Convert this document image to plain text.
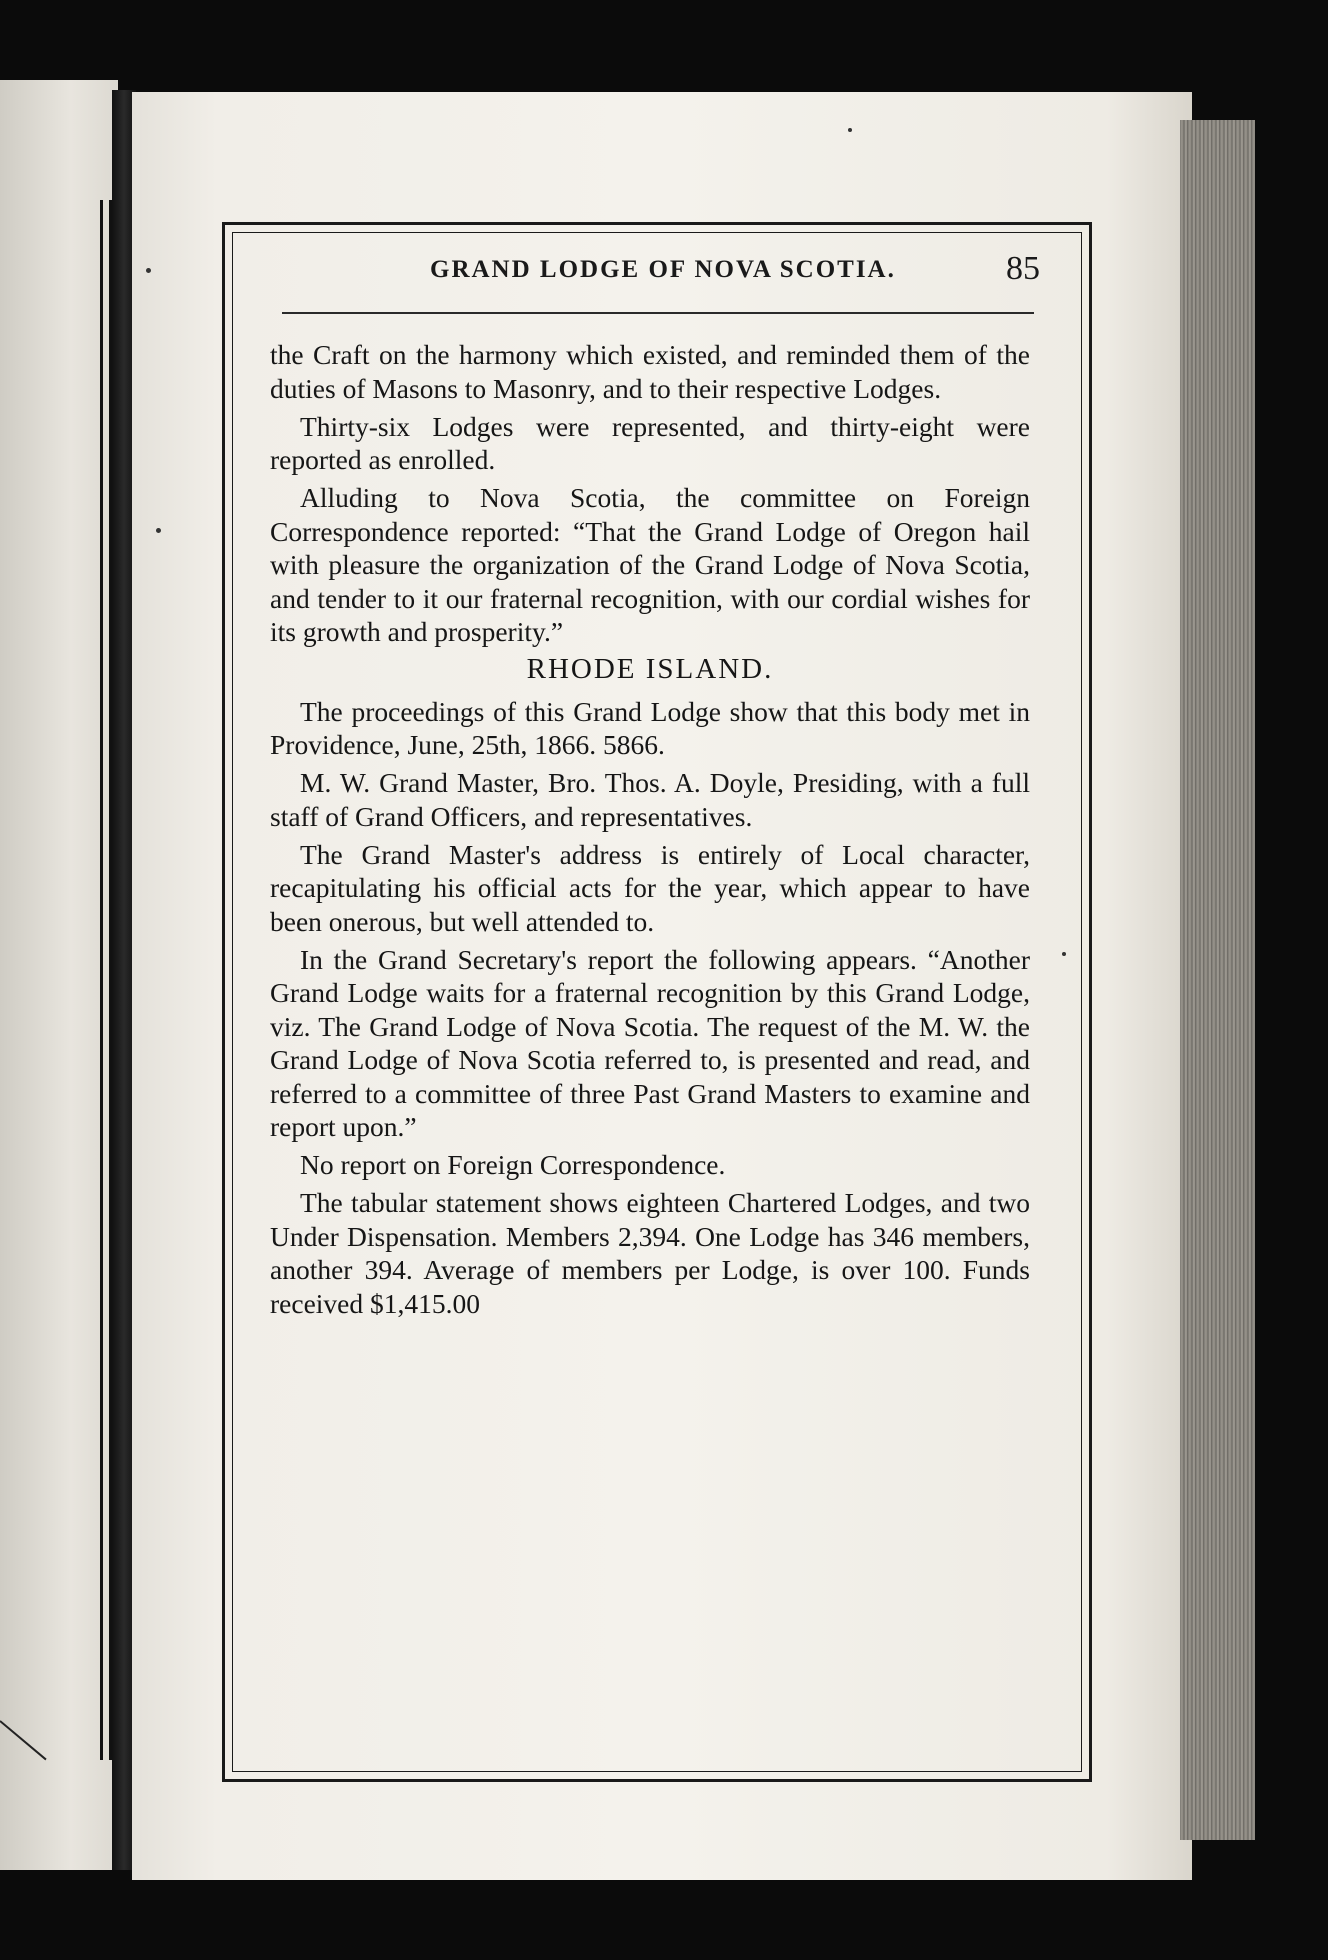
GRAND LODGE OF NOVA SCOTIA.	85

the Craft on the harmony which existed, and reminded them of the duties of Masons to Masonry, and to their respective Lodges.

Thirty-six Lodges were represented, and thirty-eight were reported as enrolled.

Alluding to Nova Scotia, the committee on Foreign Correspondence reported: “That the Grand Lodge of Oregon hail with pleasure the organization of the Grand Lodge of Nova Scotia, and tender to it our fraternal recognition, with our cordial wishes for its growth and prosperity.”

RHODE ISLAND.

The proceedings of this Grand Lodge show that this body met in Providence, June, 25th, 1866. 5866.

M. W. Grand Master, Bro. Thos. A. Doyle, Presiding, with a full staff of Grand Officers, and representatives.

The Grand Master's address is entirely of Local character, recapitulating his official acts for the year, which appear to have been onerous, but well attended to.

In the Grand Secretary's report the following appears. “Another Grand Lodge waits for a fraternal recognition by this Grand Lodge, viz. The Grand Lodge of Nova Scotia. The request of the M. W. the Grand Lodge of Nova Scotia referred to, is presented and read, and referred to a committee of three Past Grand Masters to examine and report upon.”

No report on Foreign Correspondence.

The tabular statement shows eighteen Chartered Lodges, and two Under Dispensation. Members 2,394. One Lodge has 346 members, another 394. Average of members per Lodge, is over 100. Funds received $1,415.00
